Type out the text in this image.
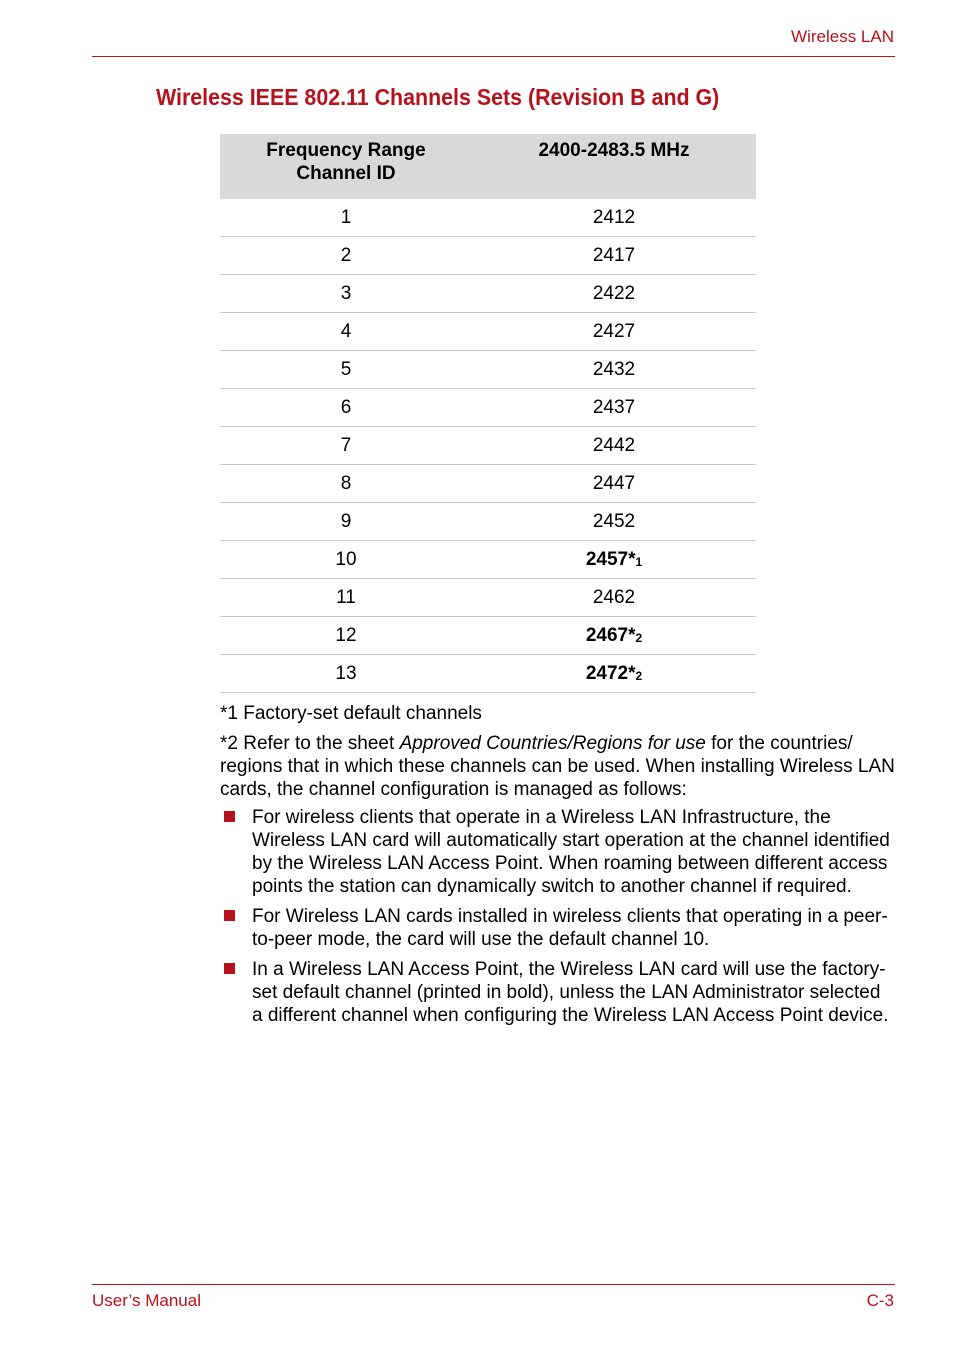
Wireless LAN
Wireless IEEE 802.11 Channels Sets (Revision B and G)
Frequency Range
Channel ID	2400-2483.5 MHz
1	2412
2	2417
3	2422
4	2427
5	2432
6	2437
7	2442
8	2447
9	2452
10	2457*$^1$
11	2462
12	2467*$^2$
13	2472*$^2$
*1 Factory-set default channels
*2 Refer to the sheet Approved Countries/Regions for use for the countries/ regions that in which these channels can be used. When installing Wireless LAN cards, the channel configuration is managed as follows:
For wireless clients that operate in a Wireless LAN Infrastructure, the Wireless LAN card will automatically start operation at the channel identified by the Wireless LAN Access Point. When roaming between different access points the station can dynamically switch to another channel if required.
For Wireless LAN cards installed in wireless clients that operating in a peer-to-peer mode, the card will use the default channel 10.
In a Wireless LAN Access Point, the Wireless LAN card will use the factory-set default channel (printed in bold), unless the LAN Administrator selected a different channel when configuring the Wireless LAN Access Point device.
User’s Manual	C-3
